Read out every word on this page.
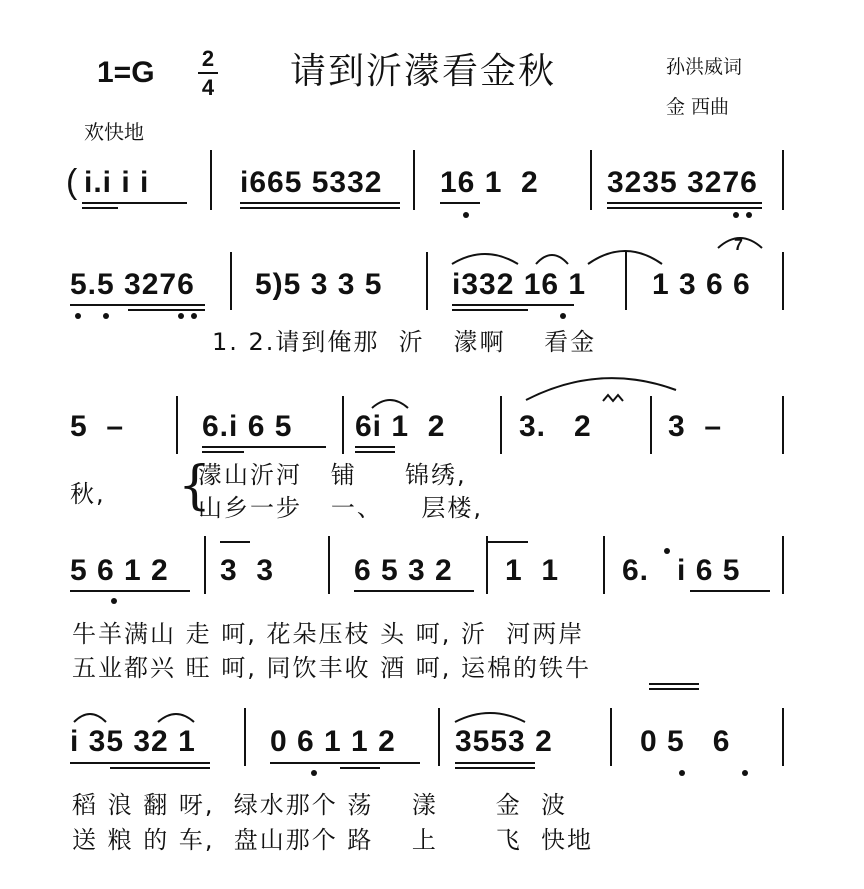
1=G 2
4 请到沂濛看金秋	孙洪威词
金 西曲
欢快地
( i.i i i	i665 5332 16 1  2 3235 3276
5.5 3276 5)5 3 3 5 i332 16 1 1 3 6 6
7
1. 2.请到俺那  沂   濛啊    看金
5  –	6.i 6 5 6i 1  2 3.   2	3  –
秋, {
濛山沂河   铺     锦绣,
山乡一步   一、    层楼,
5 6 1 2 3  3	6 5 3 2 1  1 6.   i 6 5
牛羊满山 走 呵, 花朵压枝 头 呵, 沂  河两岸
五业都兴 旺 呵, 同饮丰收 酒 呵, 运棉的铁牛
i 35 32 1 0 6 1 1 2 3553 2	0 5   6
稻 浪 翻 呀,  绿水那个 荡    漾      金  波
送 粮 的 车,  盘山那个 路    上      飞  快地
